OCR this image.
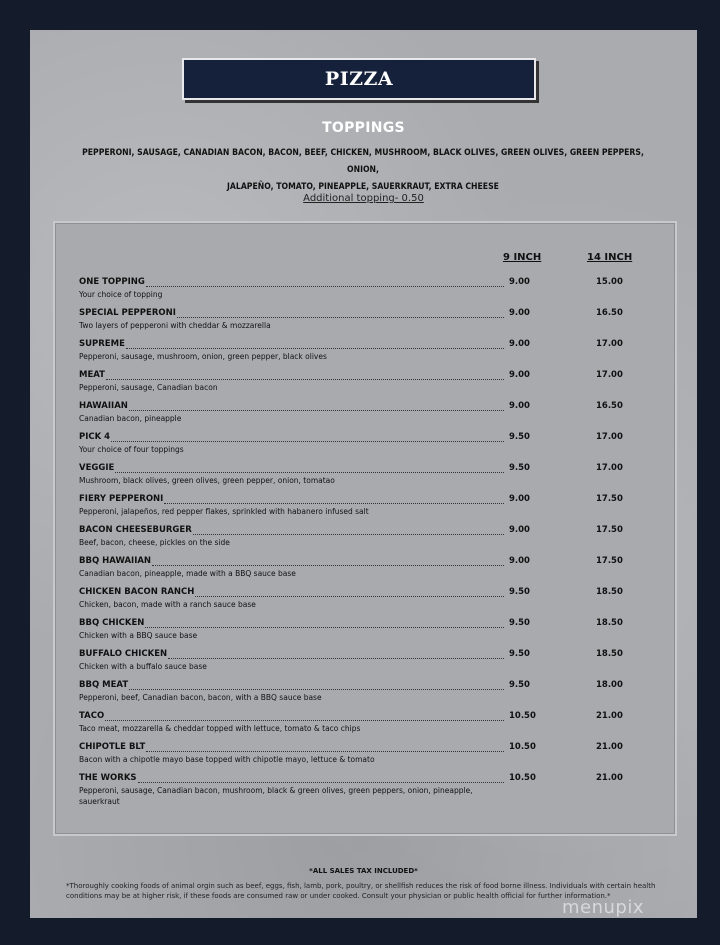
PIZZA
TOPPINGS
PEPPERONI, SAUSAGE, CANADIAN BACON, BACON, BEEF, CHICKEN, MUSHROOM, BLACK OLIVES, GREEN OLIVES, GREEN PEPPERS, ONION,
JALAPEÑO, TOMATO, PINEAPPLE, SAUERKRAUT, EXTRA CHEESE
Additional topping- 0.50
9 INCH	14 INCH
ONE TOPPING	9.00	15.00
Your choice of topping
SPECIAL PEPPERONI	9.00	16.50
Two layers of pepperoni with cheddar & mozzarella
SUPREME	9.00	17.00
Pepperoni, sausage, mushroom, onion, green pepper, black olives
MEAT	9.00	17.00
Pepperoni, sausage, Canadian bacon
HAWAIIAN	9.00	16.50
Canadian bacon, pineapple
PICK 4	9.50	17.00
Your choice of four toppings
VEGGIE	9.50	17.00
Mushroom, black olives, green olives, green pepper, onion, tomatao
FIERY PEPPERONI	9.00	17.50
Pepperoni, jalapeños, red pepper flakes, sprinkled with habanero infused salt
BACON CHEESEBURGER	9.00	17.50
Beef, bacon, cheese, pickles on the side
BBQ HAWAIIAN	9.00	17.50
Canadian bacon, pineapple, made with a BBQ sauce base
CHICKEN BACON RANCH	9.50	18.50
Chicken, bacon, made with a ranch sauce base
BBQ CHICKEN	9.50	18.50
Chicken with a BBQ sauce base
BUFFALO CHICKEN	9.50	18.50
Chicken with a buffalo sauce base
BBQ MEAT	9.50	18.00
Pepperoni, beef, Canadian bacon, bacon, with a BBQ sauce base
TACO	10.50	21.00
Taco meat, mozzarella & cheddar topped with lettuce, tomato & taco chips
CHIPOTLE BLT	10.50	21.00
Bacon with a chipotle mayo base topped with chipotle mayo, lettuce & tomato
THE WORKS	10.50	21.00
Pepperoni, sausage, Canadian bacon, mushroom, black & green olives, green peppers, onion, pineapple, sauerkraut
*ALL SALES TAX INCLUDED*
*Thoroughly cooking foods of animal orgin such as beef, eggs, fish, lamb, pork, poultry, or shellfish reduces the risk of food borne illness. Individuals with certain health conditions may be at higher risk, if these foods are consumed raw or under cooked. Consult your physician or public health official for further information.*
menupix
